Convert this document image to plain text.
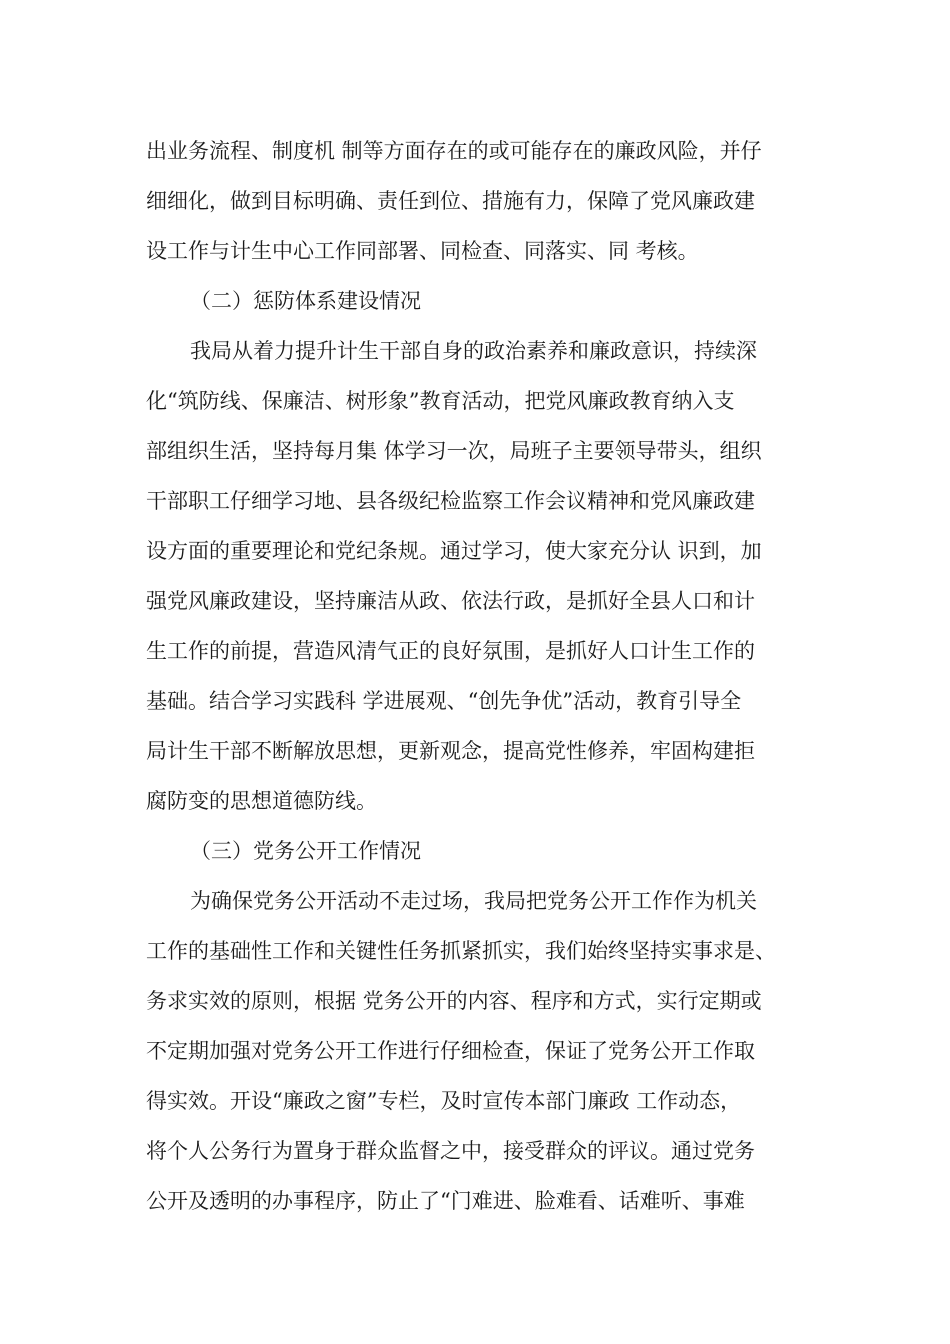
出业务流程、制度机 制等方面存在的或可能存在的廉政风险，并仔
细细化，做到目标明确、责任到位、措施有力，保障了党风廉政建
设工作与计生中心工作同部署、同检查、同落实、同 考核。
（二）惩防体系建设情况
我局从着力提升计生干部自身的政治素养和廉政意识，持续深
化“筑防线、保廉洁、树形象”教育活动，把党风廉政教育纳入支
部组织生活，坚持每月集 体学习一次，局班子主要领导带头，组织
干部职工仔细学习地、县各级纪检监察工作会议精神和党风廉政建
设方面的重要理论和党纪条规。通过学习，使大家充分认 识到，加
强党风廉政建设，坚持廉洁从政、依法行政，是抓好全县人口和计
生工作的前提，营造风清气正的良好氛围，是抓好人口计生工作的
基础。结合学习实践科 学进展观、“创先争优”活动，教育引导全
局计生干部不断解放思想，更新观念，提高党性修养，牢固构建拒
腐防变的思想道德防线。
（三）党务公开工作情况
为确保党务公开活动不走过场，我局把党务公开工作作为机关
工作的基础性工作和关键性任务抓紧抓实，我们始终坚持实事求是、
务求实效的原则，根据 党务公开的内容、程序和方式，实行定期或
不定期加强对党务公开工作进行仔细检查，保证了党务公开工作取
得实效。开设“廉政之窗”专栏，及时宣传本部门廉政 工作动态，
将个人公务行为置身于群众监督之中，接受群众的评议。通过党务
公开及透明的办事程序，防止了“门难进、脸难看、话难听、事难
